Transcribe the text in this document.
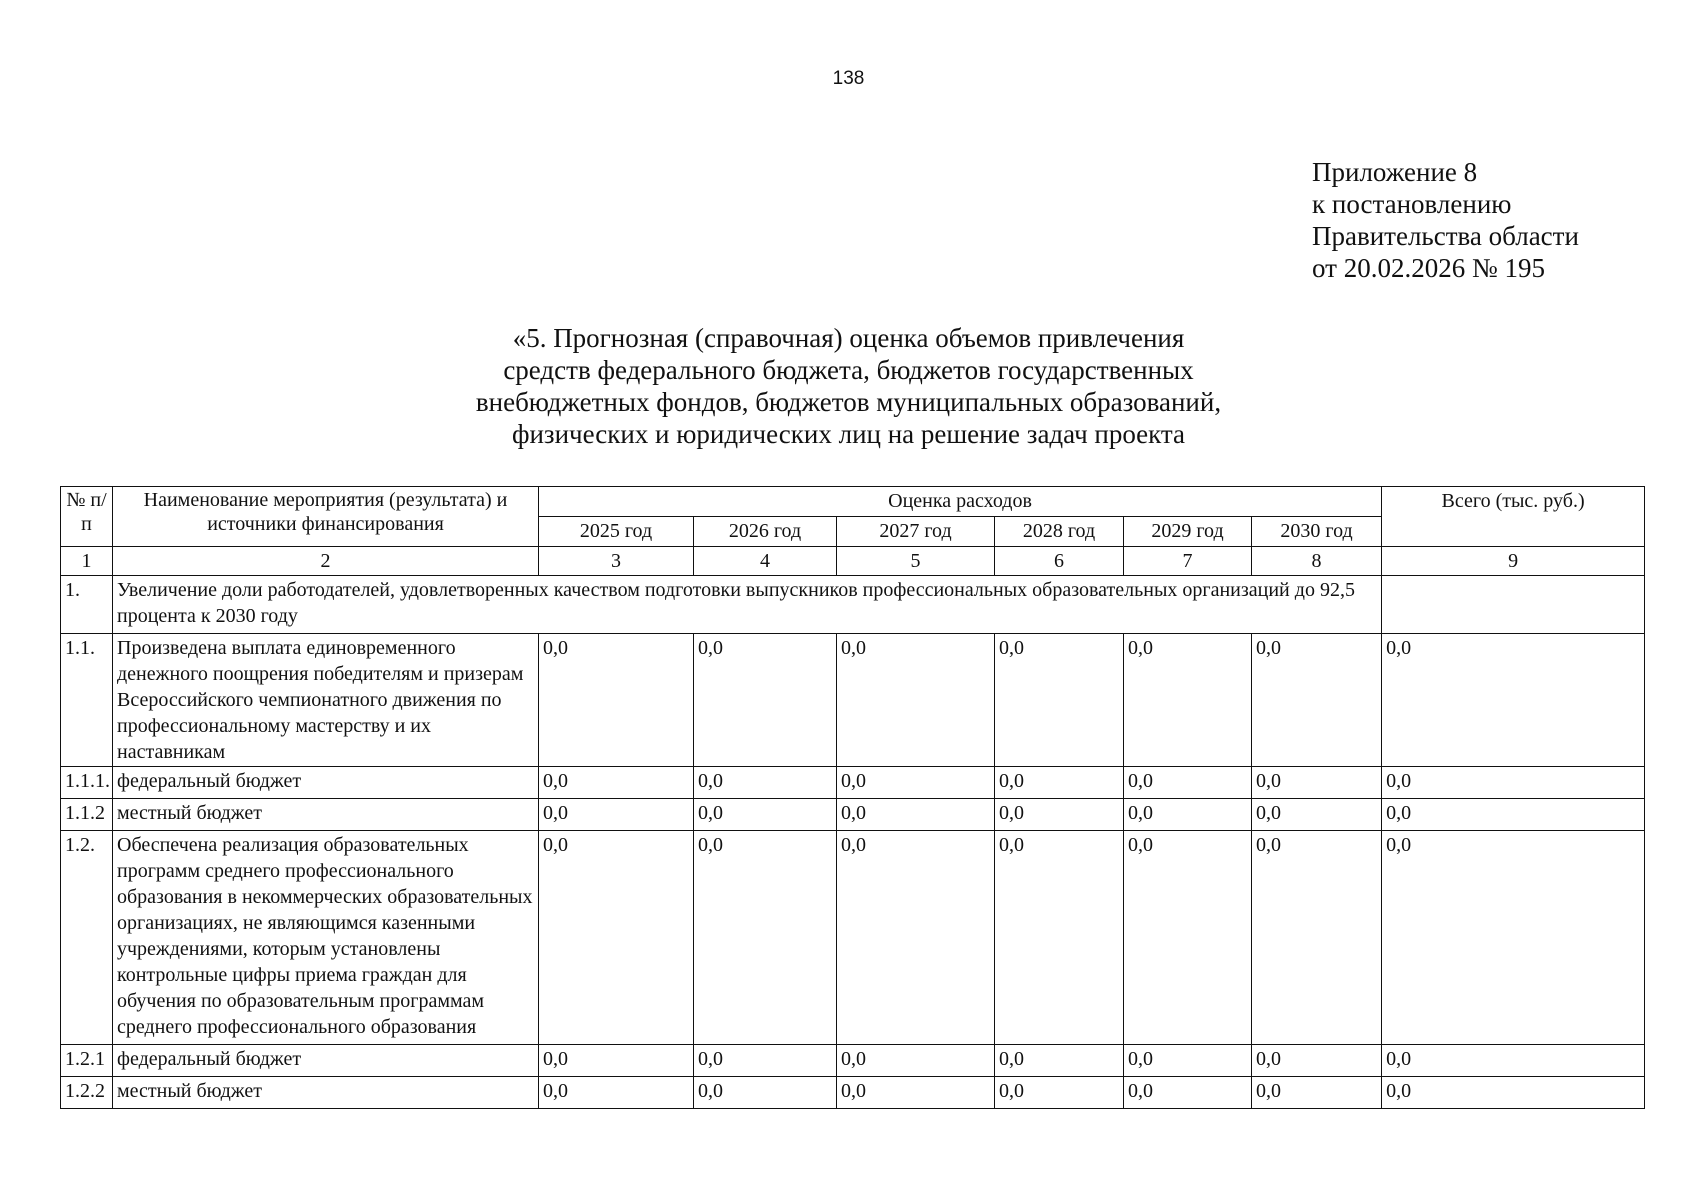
138
Приложение 8
к постановлению
Правительства области
от 20.02.2026 № 195
«5. Прогнозная (справочная) оценка объемов привлечения
средств федерального бюджета, бюджетов государственных
внебюджетных фондов, бюджетов муниципальных образований,
физических и юридических лиц на решение задач проекта
№ п/п	Наименование мероприятия (результата) и источники финансирования	Оценка расходов						Всего (тыс. руб.)
		2025 год	2026 год	2027 год	2028 год	2029 год	2030 год	
1	2	3	4	5	6	7	8	9
1.	Увеличение доли работодателей, удовлетворенных качеством подготовки выпускников профессиональных образовательных организаций до 92,5 процента к 2030 году							
1.1.	Произведена выплата единовременного денежного поощрения победителям и призерам Всероссийского чемпионатного движения по профессиональному мастерству и их наставникам	0,0	0,0	0,0	0,0	0,0	0,0	0,0
1.1.1.	федеральный бюджет	0,0	0,0	0,0	0,0	0,0	0,0	0,0
1.1.2	местный бюджет	0,0	0,0	0,0	0,0	0,0	0,0	0,0
1.2.	Обеспечена реализация образовательных программ среднего профессионального образования в некоммерческих образовательных организациях, не являющимся казенными учреждениями, которым установлены контрольные цифры приема граждан для обучения по образовательным программам среднего профессионального образования	0,0	0,0	0,0	0,0	0,0	0,0	0,0
1.2.1	федеральный бюджет	0,0	0,0	0,0	0,0	0,0	0,0	0,0
1.2.2	местный бюджет	0,0	0,0	0,0	0,0	0,0	0,0	0,0
